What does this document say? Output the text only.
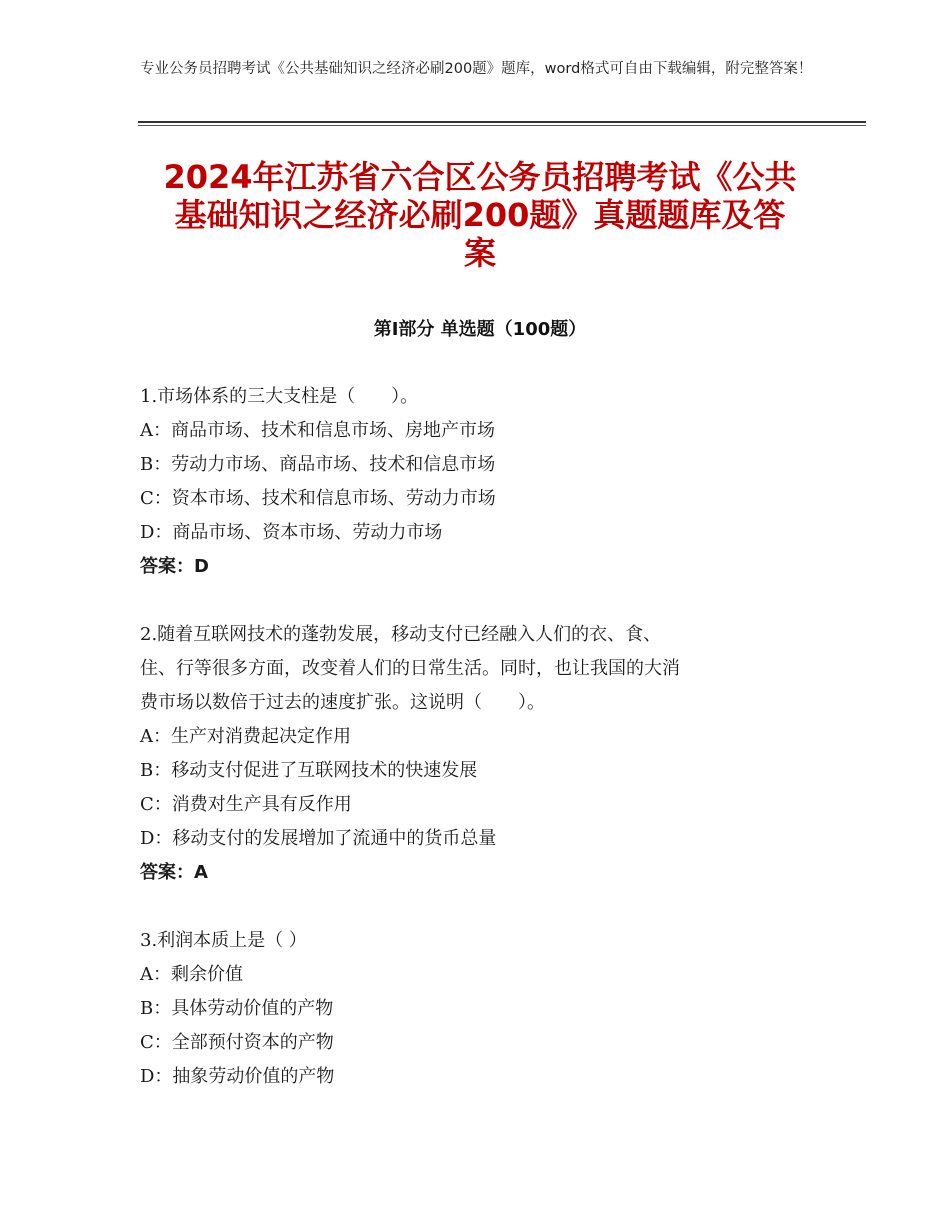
专业公务员招聘考试《公共基础知识之经济必刷200题》题库，word格式可自由下载编辑，附完整答案！
2024年江苏省六合区公务员招聘考试《公共
基础知识之经济必刷200题》真题题库及答
案
第Ⅰ部分 单选题（100题）
1.市场体系的三大支柱是（　　）。
A：商品市场、技术和信息市场、房地产市场
B：劳动力市场、商品市场、技术和信息市场
C：资本市场、技术和信息市场、劳动力市场
D：商品市场、资本市场、劳动力市场
答案：D
2.随着互联网技术的蓬勃发展，移动支付已经融入人们的衣、食、
住、行等很多方面，改变着人们的日常生活。同时，也让我国的大消
费市场以数倍于过去的速度扩张。这说明（　　）。
A：生产对消费起决定作用
B：移动支付促进了互联网技术的快速发展
C：消费对生产具有反作用
D：移动支付的发展增加了流通中的货币总量
答案：A
3.利润本质上是（ ）
A：剩余价值
B：具体劳动价值的产物
C：全部预付资本的产物
D：抽象劳动价值的产物
